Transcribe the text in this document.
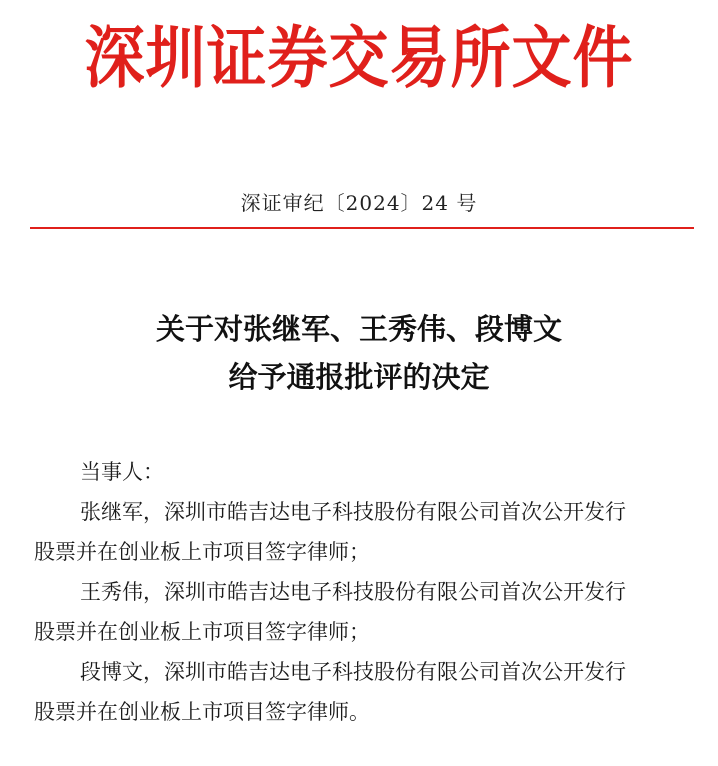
深圳证券交易所文件
深证审纪〔2024〕24 号
关于对张继军、王秀伟、段博文
给予通报批评的决定

当事人：

张继军，深圳市皓吉达电子科技股份有限公司首次公开发行
股票并在创业板上市项目签字律师；

王秀伟，深圳市皓吉达电子科技股份有限公司首次公开发行
股票并在创业板上市项目签字律师；

段博文，深圳市皓吉达电子科技股份有限公司首次公开发行
股票并在创业板上市项目签字律师。
